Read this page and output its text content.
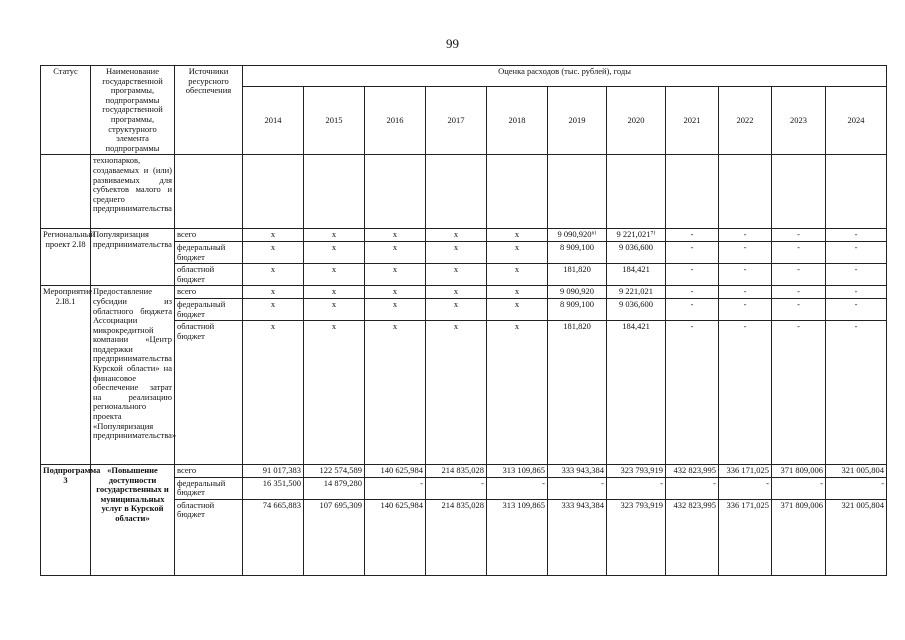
99
Статус	Наименование государственной программы, подпрограммы государственной программы, структурного элемента подпрограммы	Источники ресурсного обеспечения	Оценка расходов (тыс. рублей), годы										
			2014	2015	2016	2017	2018	2019	2020	2021	2022	2023	2024
	технопарков, создаваемых и (или) развиваемых для субъектов малого и среднего предпринимательства												
Региональный проект 2.I8	Популяризация предпринимательства	всего	x	x	x	x	x	9 090,920⁶⁾	9 221,021⁷⁾	-	-	-	-
		федеральный бюджет	x	x	x	x	x	8 909,100	9 036,600	-	-	-	-
		областной бюджет	x	x	x	x	x	181,820	184,421	-	-	-	-
Мероприятие 2.I8.1	Предоставление субсидии из областного бюджета Ассоциации микрокредитной компании «Центр поддержки предпринимательства Курской области» на финансовое обеспечение затрат на реализацию регионального проекта «Популяризация предпринимательства»	всего	x	x	x	x	x	9 090,920	9 221,021	-	-	-	-
		федеральный бюджет	x	x	x	x	x	8 909,100	9 036,600	-	-	-	-
		областной бюджет	x	x	x	x	x	181,820	184,421	-	-	-	-
Подпрограмма 3	«Повышение доступности государственных и муниципальных услуг в Курской области»	всего	91 017,383	122 574,589	140 625,984	214 835,028	313 109,865	333 943,384	323 793,919	432 823,995	336 171,025	371 809,006	321 005,804
		федеральный бюджет	16 351,500	14 879,280	-	-	-	-	-	-	-	-	-
		областной бюджет	74 665,883	107 695,309	140 625,984	214 835,028	313 109,865	333 943,384	323 793,919	432 823,995	336 171,025	371 809,006	321 005,804
